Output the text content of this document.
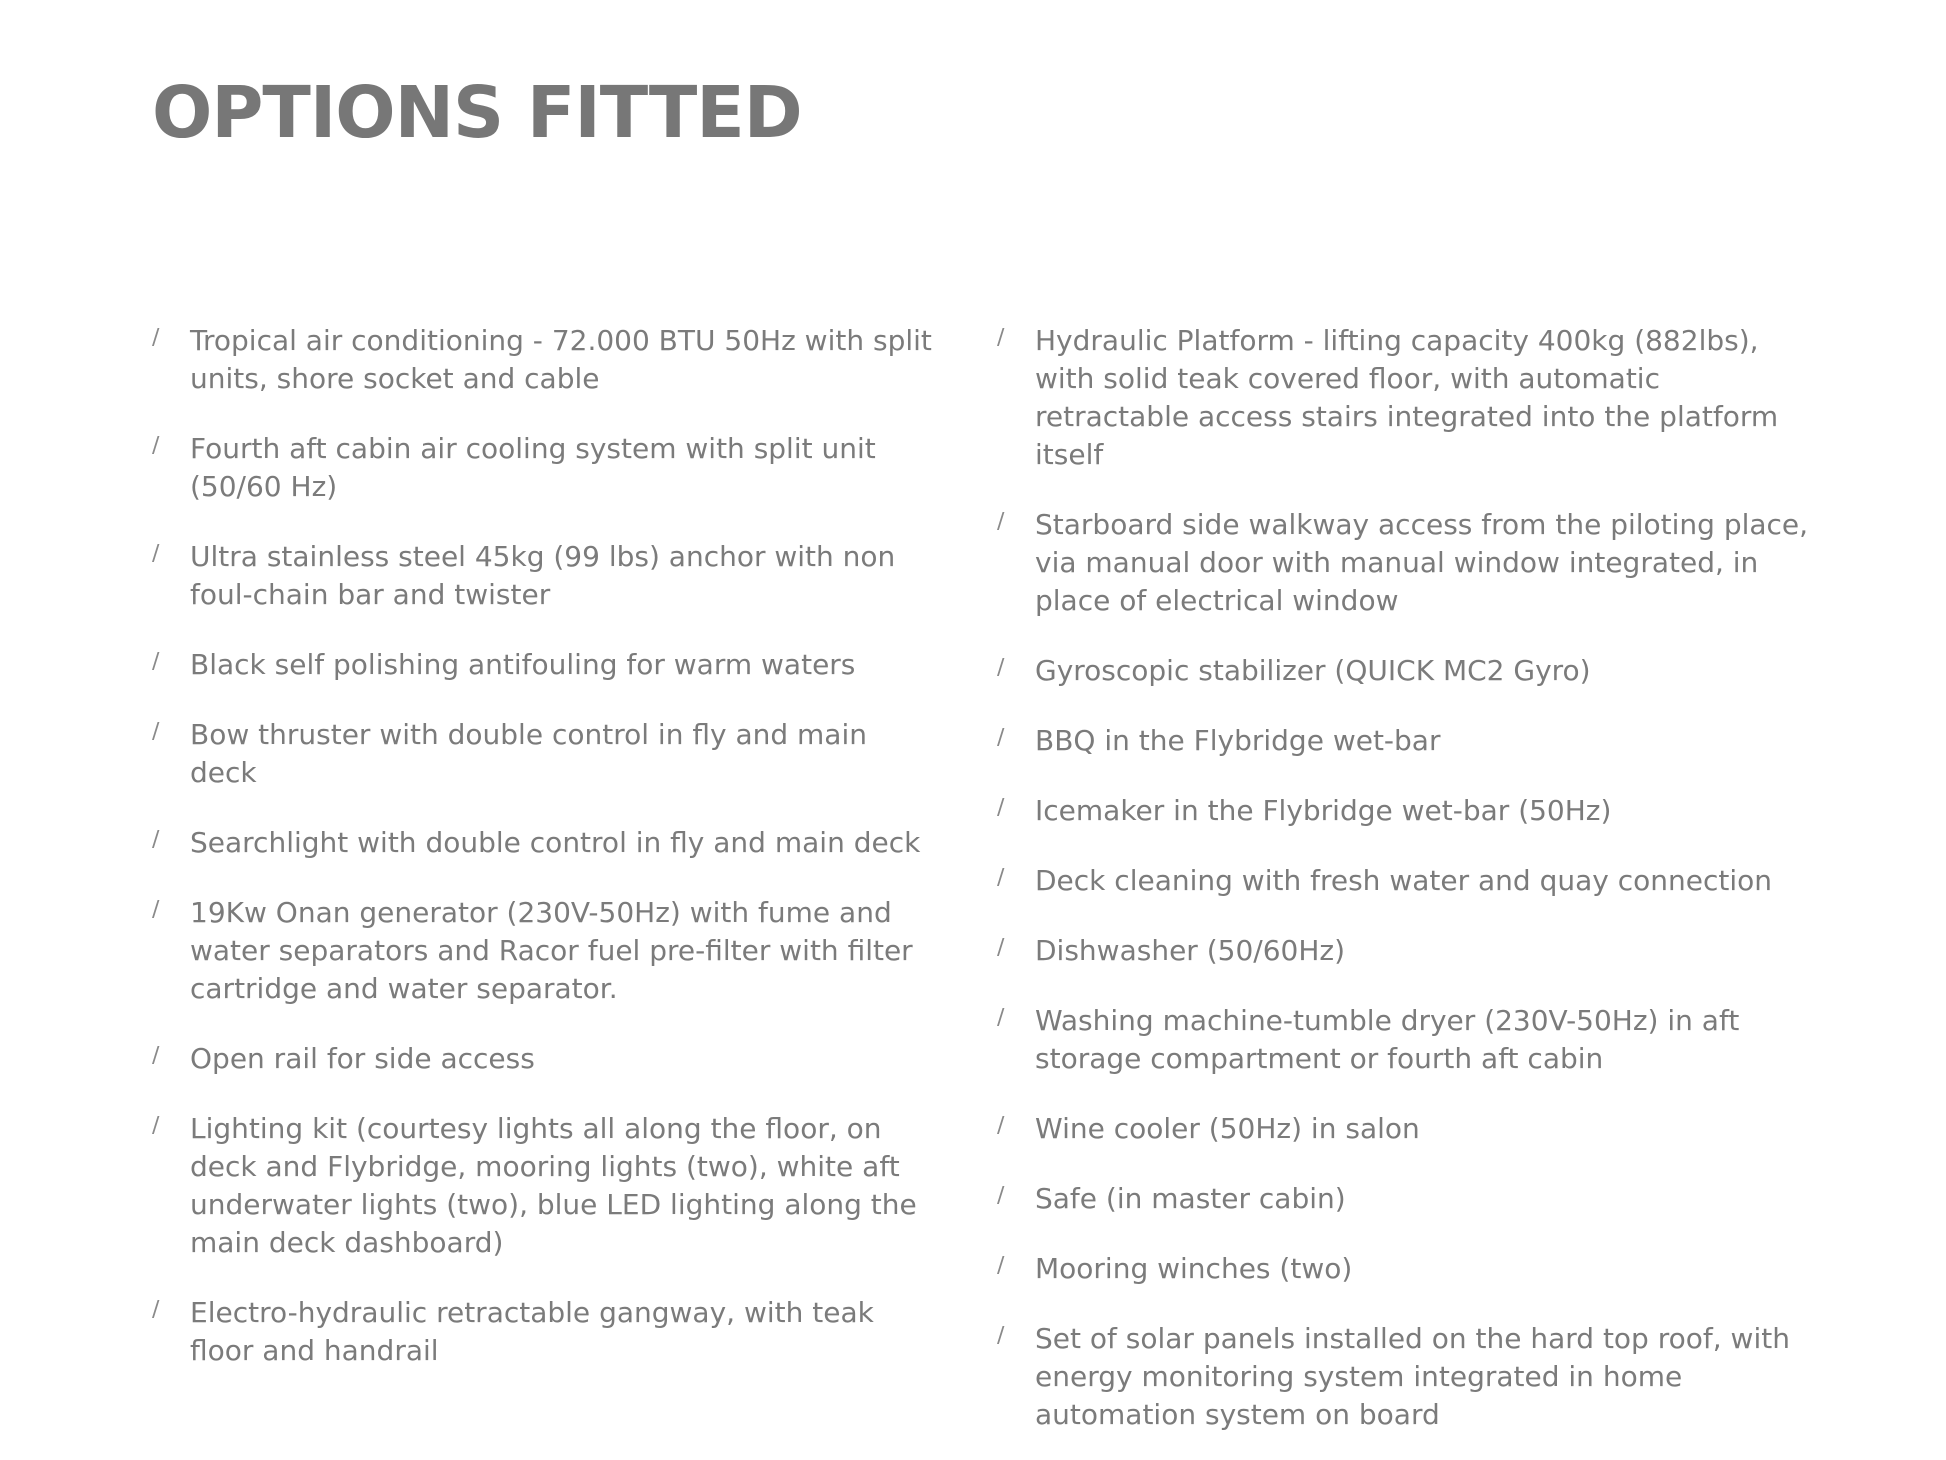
OPTIONS FITTED
∕ Tropical air conditioning - 72.000 BTU 50Hz with split units, shore socket and cable
∕ Fourth aft cabin air cooling system with split unit (50/60 Hz)
∕ Ultra stainless steel 45kg (99 lbs) anchor with non foul-chain bar and twister
∕ Black self polishing antifouling for warm waters
∕ Bow thruster with double control in fly and main deck
∕ Searchlight with double control in fly and main deck
∕ 19Kw Onan generator (230V-50Hz) with fume and water separators and Racor fuel pre-filter with filter cartridge and water separator.
∕ Open rail for side access
∕ Lighting kit (courtesy lights all along the floor, on deck and Flybridge, mooring lights (two), white aft underwater lights (two), blue LED lighting along the main deck dashboard)
∕ Electro-hydraulic retractable gangway, with teak floor and handrail
∕ Hydraulic Platform - lifting capacity 400kg (882lbs), with solid teak covered floor, with automatic retractable access stairs integrated into the platform itself
∕ Starboard side walkway access from the piloting place, via manual door with manual window integrated, in place of electrical window
∕ Gyroscopic stabilizer (QUICK MC2 Gyro)
∕ BBQ in the Flybridge wet-bar
∕ Icemaker in the Flybridge wet-bar (50Hz)
∕ Deck cleaning with fresh water and quay connection
∕ Dishwasher (50/60Hz)
∕ Washing machine-tumble dryer (230V-50Hz) in aft storage compartment or fourth aft cabin
∕ Wine cooler (50Hz) in salon
∕ Safe (in master cabin)
∕ Mooring winches (two)
∕ Set of solar panels installed on the hard top roof, with energy monitoring system integrated in home automation system on board
